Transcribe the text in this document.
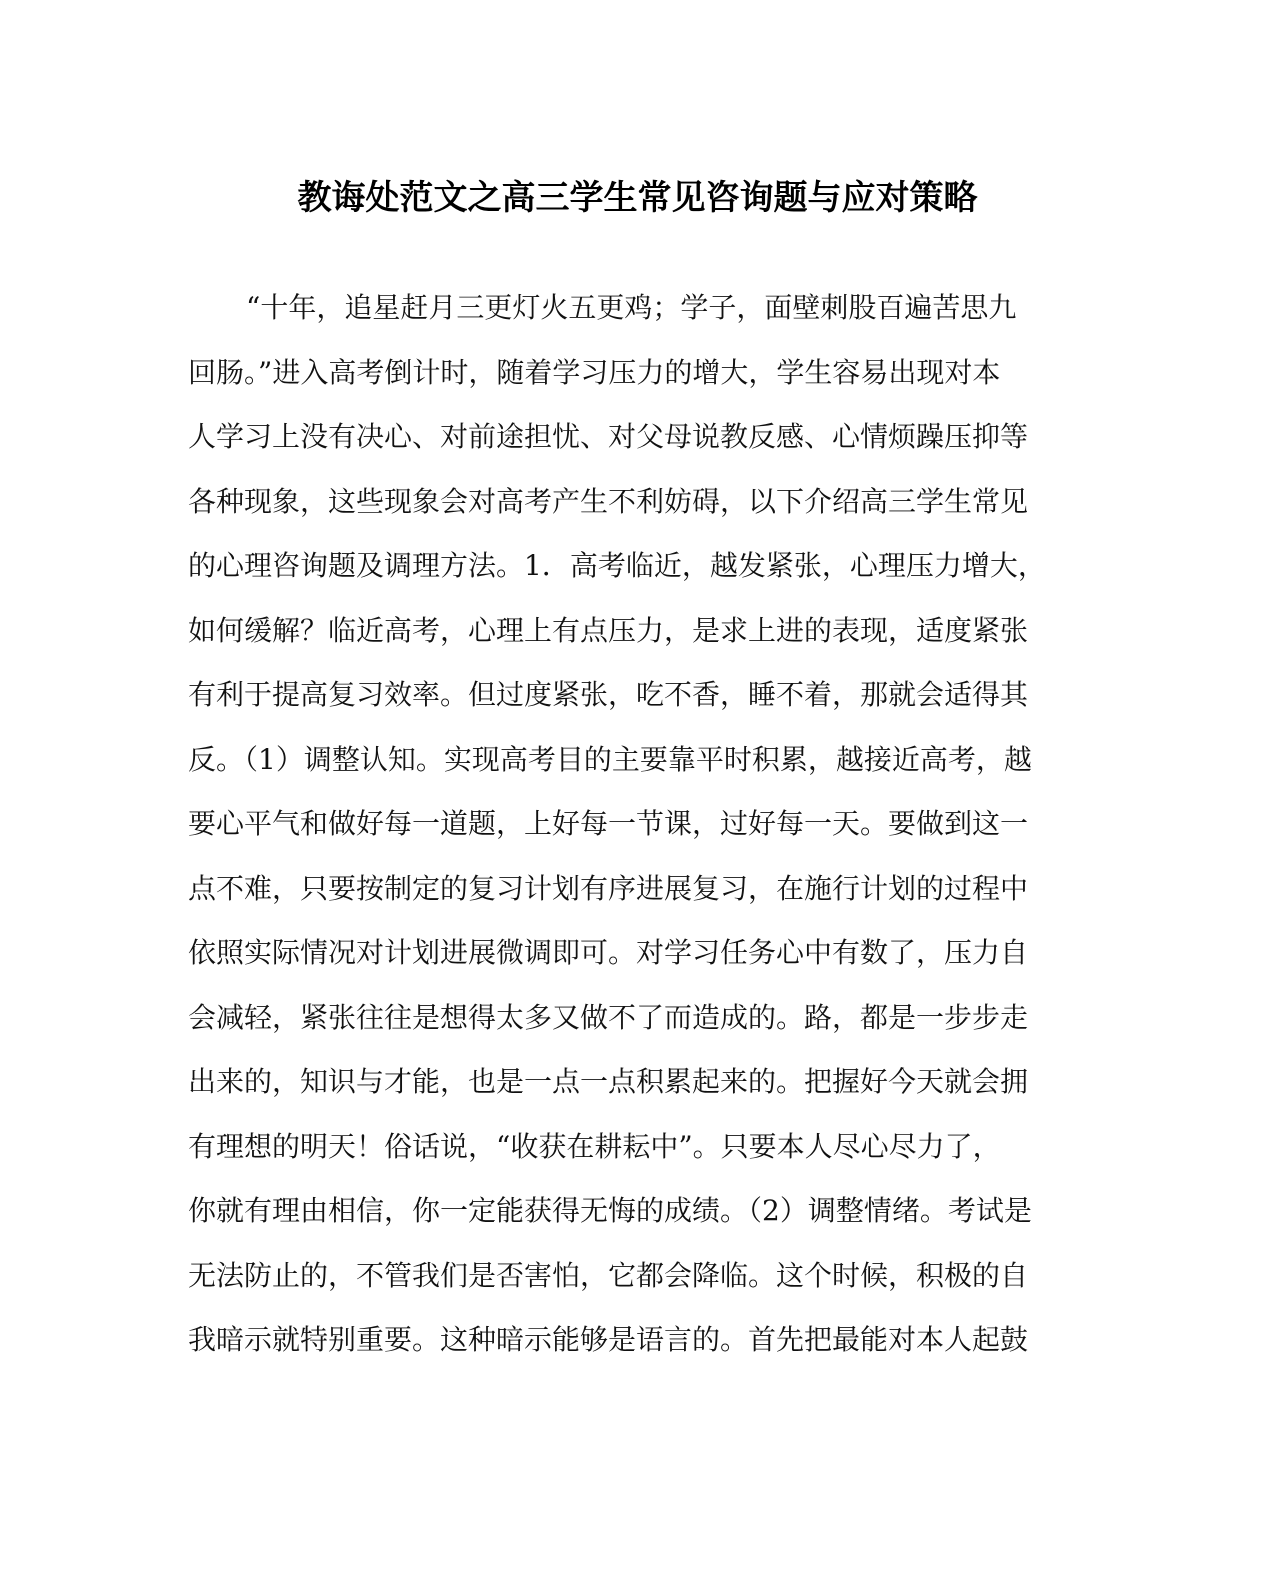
教诲处范文之高三学生常见咨询题与应对策略
“十年，追星赶月三更灯火五更鸡；学子，面壁刺股百遍苦思九
回肠。”进入高考倒计时，随着学习压力的增大，学生容易出现对本
人学习上没有决心、对前途担忧、对父母说教反感、心情烦躁压抑等
各种现象，这些现象会对高考产生不利妨碍，以下介绍高三学生常见
的心理咨询题及调理方法。1．高考临近，越发紧张，心理压力增大，
如何缓解？临近高考，心理上有点压力，是求上进的表现，适度紧张
有利于提高复习效率。但过度紧张，吃不香，睡不着，那就会适得其
反。（1）调整认知。实现高考目的主要靠平时积累，越接近高考，越
要心平气和做好每一道题，上好每一节课，过好每一天。要做到这一
点不难，只要按制定的复习计划有序进展复习，在施行计划的过程中
依照实际情况对计划进展微调即可。对学习任务心中有数了，压力自
会减轻，紧张往往是想得太多又做不了而造成的。路，都是一步步走
出来的，知识与才能，也是一点一点积累起来的。把握好今天就会拥
有理想的明天！俗话说，“收获在耕耘中”。只要本人尽心尽力了，
你就有理由相信，你一定能获得无悔的成绩。（2）调整情绪。考试是
无法防止的，不管我们是否害怕，它都会降临。这个时候，积极的自
我暗示就特别重要。这种暗示能够是语言的。首先把最能对本人起鼓
